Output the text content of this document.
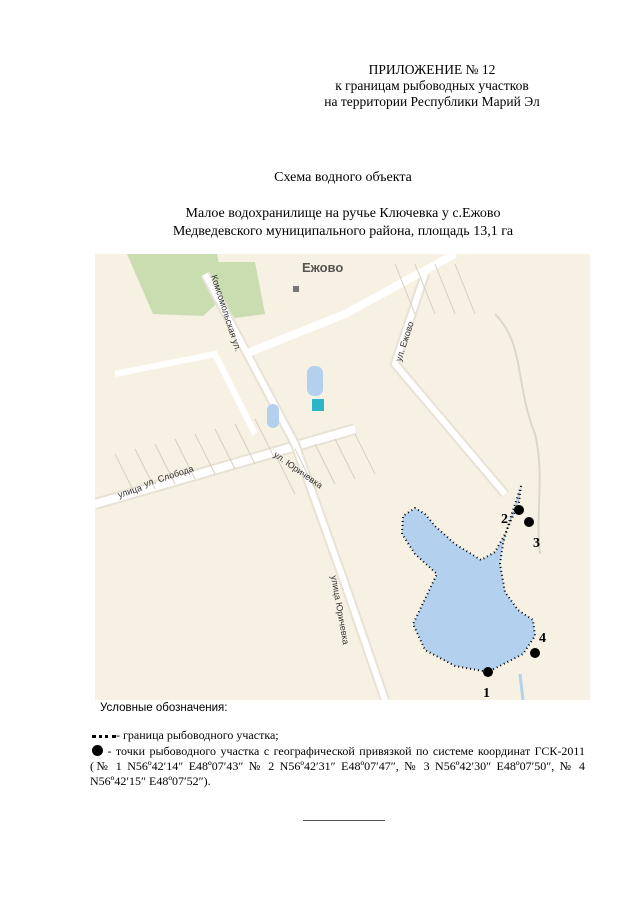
ПРИЛОЖЕНИЕ № 12
к границам рыбоводных участков
на территории Республики Марий Эл
Схема водного объекта
Малое водохранилище на ручье Ключевка у с.Ежово
Медведевского муниципального района, площадь 13,1 га
Ежово
Комсомольская ул.	ул. Ежово
ул. Слобода
улица
ул. Юричевка
улица Юричевка
1
2
3
4
Условные обозначения:
- граница рыбоводного участка;
- точки рыбоводного участка с географической привязкой по системе координат ГСК-2011 (№ 1 N56º42′14″ E48º07′43″ № 2 N56º42′31″ E48º07′47″, № 3 N56º42′30″ E48º07′50″, № 4 N56º42′15″ E48º07′52″).
